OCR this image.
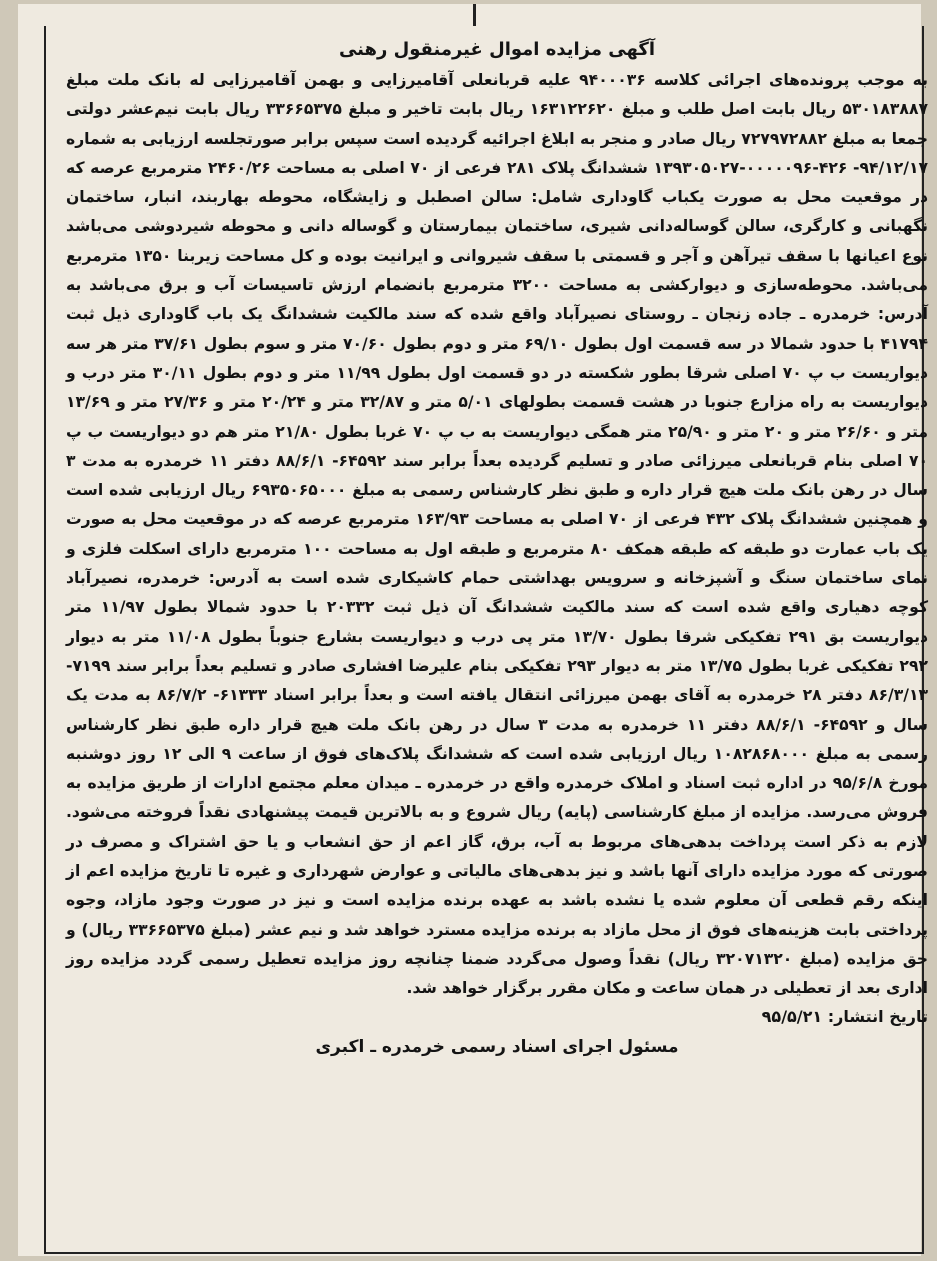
آگهی مزایده اموال غیرمنقول رهنی

به موجب پرونده‌های اجرائی کلاسه ۹۴۰۰۰۳۶ علیه قربانعلی آقامیرزایی و بهمن آقامیرزایی له بانک ملت مبلغ ۵۳۰۱۸۳۸۸۷ ریال بابت اصل طلب و مبلغ ۱۶۳۱۲۲۶۲۰ ریال بابت تاخیر و مبلغ ۳۳۶۶۵۳۷۵ ریال بابت نیم‌عشر دولتی جمعا به مبلغ ۷۲۷۹۷۲۸۸۲ ریال صادر و منجر به ابلاغ اجرائیه گردیده است سپس برابر صورتجلسه ارزیابی به شماره ۹۴/۱۲/۱۷- ۴۲۶-۰۰۰۰۰۹۶-۱۳۹۳۰۵۰۲۷ ششدانگ پلاک ۲۸۱ فرعی از ۷۰ اصلی به مساحت ۲۴۶۰/۲۶ مترمربع عرصه که در موقعیت محل به صورت یکباب گاوداری شامل: سالن اصطبل و زایشگاه، محوطه بهاربند، انبار، ساختمان نگهبانی و کارگری، سالن گوساله‌دانی شیری، ساختمان بیمارستان و گوساله دانی و محوطه شیردوشی می‌باشد نوع اعیانها با سقف تیرآهن و آجر و قسمتی با سقف شیروانی و ایرانیت بوده و کل مساحت زیربنا ۱۳۵۰ مترمربع می‌باشد. محوطه‌سازی و دیوارکشی به مساحت ۳۲۰۰ مترمربع بانضمام ارزش تاسیسات آب و برق می‌باشد به آدرس: خرمدره ـ جاده زنجان ـ روستای نصیرآباد واقع شده که سند مالکیت ششدانگ یک باب گاوداری ذیل ثبت ۴۱۷۹۴ با حدود شمالا در سه قسمت اول بطول ۶۹/۱۰ متر و دوم بطول ۷۰/۶۰ متر و سوم بطول ۳۷/۶۱ متر هر سه دیواریست ب پ ۷۰ اصلی شرقا بطور شکسته در دو قسمت اول بطول ۱۱/۹۹ متر و دوم بطول ۳۰/۱۱ متر درب و دیواریست به راه مزارع جنوبا در هشت قسمت بطولهای ۵/۰۱ متر و ۳۲/۸۷ متر و ۲۰/۲۴ متر و ۲۷/۳۶ متر و ۱۳/۶۹ متر و ۲۶/۶۰ متر و ۲۰ متر و ۲۵/۹۰ متر همگی دیواریست به ب پ ۷۰ غربا بطول ۲۱/۸۰ متر هم دو دیواریست ب پ ۷۰ اصلی بنام قربانعلی میرزائی صادر و تسلیم گردیده بعداً برابر سند ۶۴۵۹۲- ۸۸/۶/۱ دفتر ۱۱ خرمدره به مدت ۳ سال در رهن بانک ملت هیچ قرار داره و طبق نظر کارشناس رسمی به مبلغ ۶۹۳۵۰۶۵۰۰۰ ریال ارزیابی شده است و همچنین ششدانگ پلاک ۴۳۲ فرعی از ۷۰ اصلی به مساحت ۱۶۳/۹۳ مترمربع عرصه که در موقعیت محل به صورت یک باب عمارت دو طبقه که طبقه همکف ۸۰ مترمربع و طبقه اول به مساحت ۱۰۰ مترمربع دارای اسکلت فلزی و نمای ساختمان سنگ و آشپزخانه و سرویس بهداشتی حمام کاشیکاری شده است به آدرس: خرمدره، نصیرآباد کوچه دهیاری واقع شده است که سند مالکیت ششدانگ آن ذیل ثبت ۲۰۳۳۲ با حدود شمالا بطول ۱۱/۹۷ متر دیواریست بق ۲۹۱ تفکیکی شرقا بطول ۱۳/۷۰ متر پی درب و دیواریست بشارع جنوباً بطول ۱۱/۰۸ متر به دیوار ۲۹۲ تفکیکی غربا بطول ۱۳/۷۵ متر به دیوار ۲۹۳ تفکیکی بنام علیرضا افشاری صادر و تسلیم بعداً برابر سند ۷۱۹۹- ۸۶/۳/۱۳ دفتر ۲۸ خرمدره به آقای بهمن میرزائی انتقال یافته است و بعداً برابر اسناد ۶۱۳۳۳- ۸۶/۷/۲ به مدت یک سال و ۶۴۵۹۲- ۸۸/۶/۱ دفتر ۱۱ خرمدره به مدت ۳ سال در رهن بانک ملت هیچ قرار داره طبق نظر کارشناس رسمی به مبلغ ۱۰۸۲۸۶۸۰۰۰ ریال ارزیابی شده است که ششدانگ پلاک‌های فوق از ساعت ۹ الی ۱۲ روز دوشنبه مورخ ۹۵/۶/۸ در اداره ثبت اسناد و املاک خرمدره واقع در خرمدره ـ میدان معلم مجتمع ادارات از طریق مزایده به فروش می‌رسد. مزایده از مبلغ کارشناسی (پایه) ریال شروع و به بالاترین قیمت پیشنهادی نقداً فروخته می‌شود. لازم به ذکر است پرداخت بدهی‌های مربوط به آب، برق، گاز اعم از حق انشعاب و یا حق اشتراک و مصرف در صورتی که مورد مزایده دارای آنها باشد و نیز بدهی‌های مالیاتی و عوارض شهرداری و غیره تا تاریخ مزایده اعم از اینکه رقم قطعی آن معلوم شده یا نشده باشد به عهده برنده مزایده است و نیز در صورت وجود مازاد، وجوه پرداختی بابت هزینه‌های فوق از محل مازاد به برنده مزایده مسترد خواهد شد و نیم عشر (مبلغ ۳۳۶۶۵۳۷۵ ریال) و حق مزایده (مبلغ ۳۲۰۷۱۳۲۰ ریال) نقداً وصول می‌گردد ضمنا چنانچه روز مزایده تعطیل رسمی گردد مزایده روز اداری بعد از تعطیلی در همان ساعت و مکان مقرر برگزار خواهد شد.

تاریخ انتشار: ۹۵/۵/۲۱
مسئول اجرای اسناد رسمی خرمدره ـ اکبری
